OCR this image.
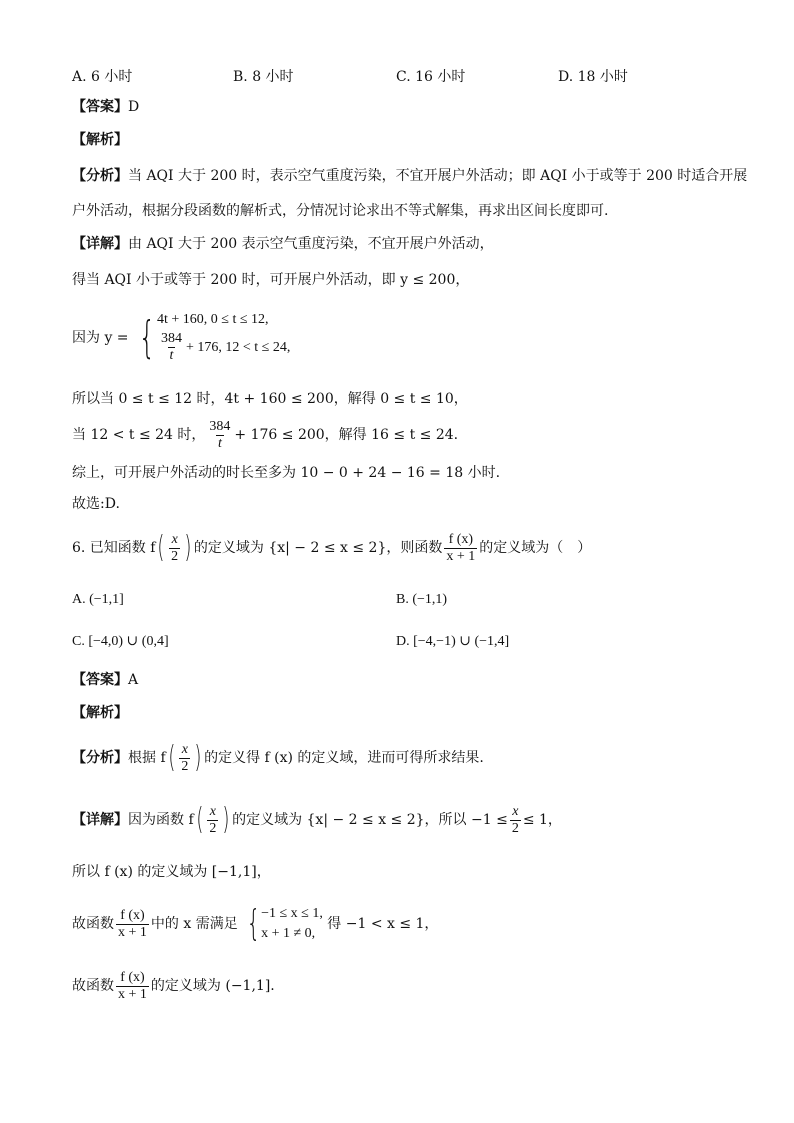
A. 6 小时	B. 8 小时	C. 16 小时	D. 18 小时
【答案】D
【解析】
【分析】当 AQI 大于 200 时，表示空气重度污染，不宜开展户外活动；即 AQI 小于或等于 200 时适合开展
户外活动，根据分段函数的解析式，分情况讨论求出不等式解集，再求出区间长度即可.
【详解】由 AQI 大于 200 表示空气重度污染，不宜开展户外活动，
得当 AQI 小于或等于 200 时，可开展户外活动，即 y ≤ 200，
因为 y = { 4t + 160, 0 ≤ t ≤ 12,
$\frac{384}{t} + 176$, 12 < t ≤ 24,
所以当 0 ≤ t ≤ 12 时，4t + 160 ≤ 200，解得 0 ≤ t ≤ 10，
当 12 < t ≤ 24 时， $\frac{384}{t} + 176 \le 200$，解得 16 ≤ t ≤ 24.
综上，可开展户外活动的时长至多为 10 − 0 + 24 − 16 = 18 小时.
故选:D.
6. 已知函数 $f( \frac{x}{2}$ ) 的定义域为 {x| − 2 ≤ x ≤ 2}，则函数 $\frac{f (x)}{x + 1}$ 的定义域为（　）
A. (−1,1]	B. (−1,1)
C. [−4,0) ∪ (0,4]	D. [−4,−1) ∪ (−1,4]
【答案】A
【解析】
【分析】根据 $f( \frac{x}{2}$ ) 的定义得 f (x) 的定义域，进而可得所求结果.
【详解】因为函数 $f( \frac{x}{2}$ ) 的定义域为 {x| − 2 ≤ x ≤ 2}，所以 $-1 \le \frac{x}{2} \le 1$，
所以 f (x) 的定义域为 [−1,1]，
故函数 $\frac{f (x)}{x + 1}$ 中的 x 需满足 { −1 ≤ x ≤ 1,
x + 1 ≠ 0,
得 −1 < x ≤ 1，
故函数 $\frac{f (x)}{x + 1}$ 的定义域为 (−1,1].
